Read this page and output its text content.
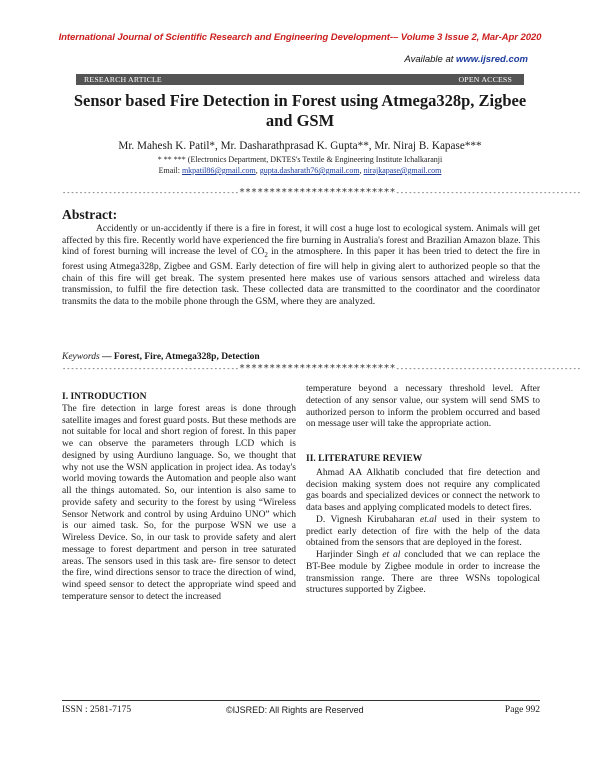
International Journal of Scientific Research and Engineering Development-– Volume 3 Issue 2, Mar-Apr 2020
Available at www.ijsred.com
RESEARCH ARTICLE	OPEN ACCESS
Sensor based Fire Detection in Forest using Atmega328p, Zigbee and GSM
Mr. Mahesh K. Patil*, Mr. Dasharathprasad K. Gupta**, Mr. Niraj B. Kapase***
* ** *** (Electronics Department, DKTES's Textile & Engineering Institute Ichalkaranji
Email: mkpatil86@gmail.com, gupta.dasharath76@gmail.com, nirajkapase@gmail.com
------------------------------------------**************************--------------------------------------------
Abstract:
Accidently or un-accidently if there is a fire in forest, it will cost a huge lost to ecological system. Animals will get affected by this fire. Recently world have experienced the fire burning in Australia's forest and Brazilian Amazon blaze. This kind of forest burning will increase the level of $CO_2$ in the atmosphere. In this paper it has been tried to detect the fire in forest using Atmega328p, Zigbee and GSM. Early detection of fire will help in giving alert to authorized people so that the chain of this fire will get break. The system presented here makes use of various sensors attached and wireless data transmission, to fulfil the fire detection task. These collected data are transmitted to the coordinator and the coordinator transmits the data to the mobile phone through the GSM, where they are analyzed.
Keywords — Forest, Fire, Atmega328p, Detection
------------------------------------------**************************--------------------------------------------
I. INTRODUCTION

The fire detection in large forest areas is done through satellite images and forest guard posts. But these methods are not suitable for local and short region of forest. In this paper we can observe the parameters through LCD which is designed by using Aurdiuno language. So, we thought that why not use the WSN application in project idea. As today's world moving towards the Automation and people also want all the things automated. So, our intention is also same to provide safety and security to the forest by using “Wireless Sensor Network and control by using Arduino UNO” which is our aimed task. So, for the purpose WSN we use a Wireless Device. So, in our task to provide safety and alert message to forest department and person in tree saturated areas. The sensors used in this task are- fire sensor to detect the fire, wind directions sensor to trace the direction of wind, wind speed sensor to detect the appropriate wind speed and temperature sensor to detect the increased

temperature beyond a necessary threshold level. After detection of any sensor value, our system will send SMS to authorized person to inform the problem occurred and based on message user will take the appropriate action.

II. LITERATURE REVIEW

Ahmad AA Alkhatib concluded that fire detection and decision making system does not require any complicated gas boards and specialized devices or connect the network to data bases and applying complicated models to detect fires.

D. Vignesh Kirubaharan et.al used in their system to predict early detection of fire with the help of the data obtained from the sensors that are deployed in the forest.

Harjinder Singh et al concluded that we can replace the BT-Bee module by Zigbee module in order to increase the transmission range. There are three WSNs topological structures supported by Zigbee.

ISSN : 2581-7175	©IJSRED: All Rights are Reserved	Page 992
